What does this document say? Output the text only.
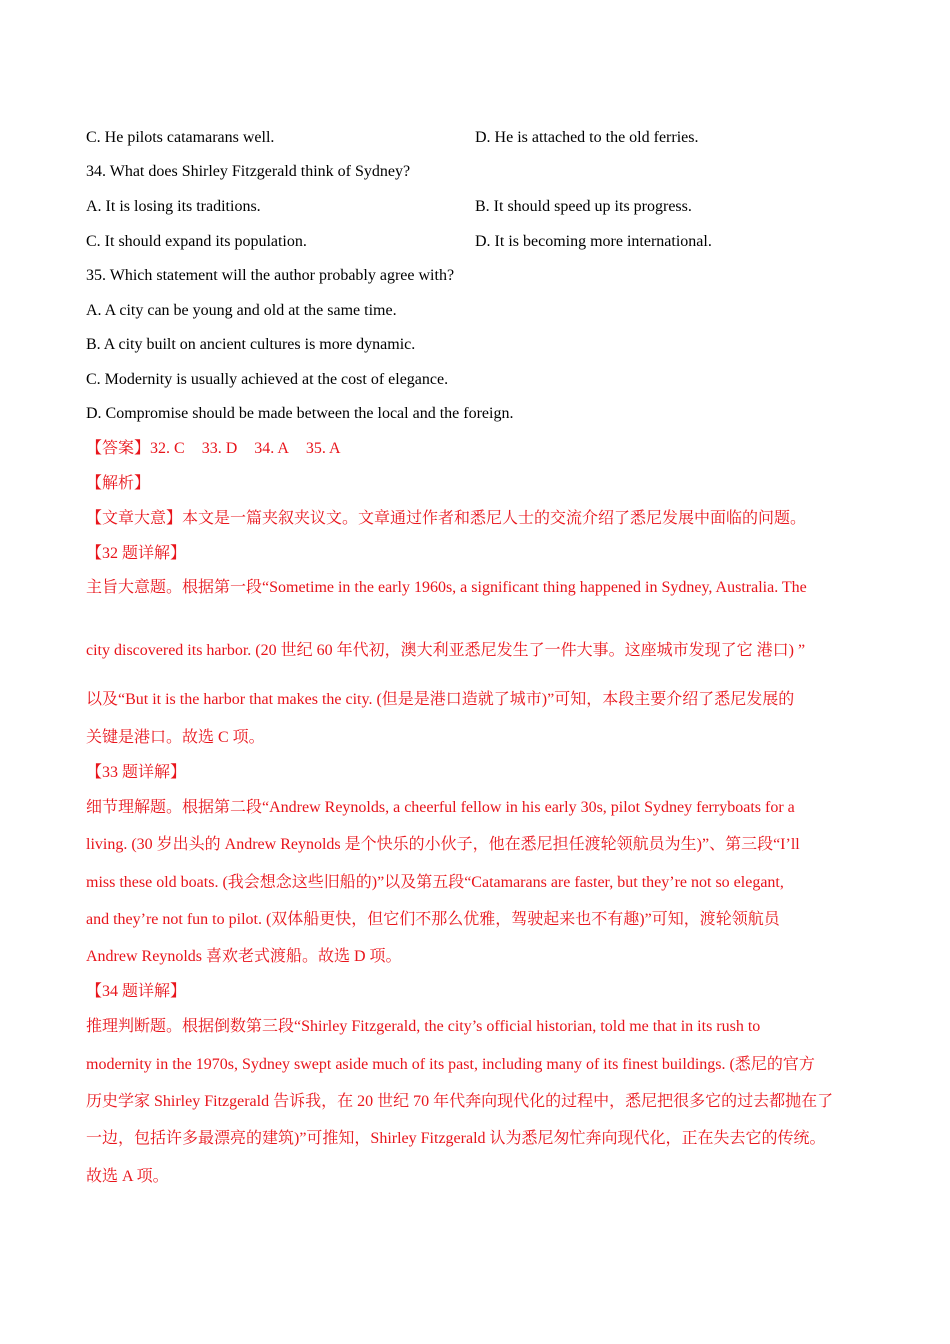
C. He pilots catamarans well.	D. He is attached to the old ferries.
34. What does Shirley Fitzgerald think of Sydney?
A. It is losing its traditions.	B. It should speed up its progress.
C. It should expand its population.	D. It is becoming more international.
35. Which statement will the author probably agree with?
A. A city can be young and old at the same time.
B. A city built on ancient cultures is more dynamic.
C. Modernity is usually achieved at the cost of elegance.
D. Compromise should be made between the local and the foreign.
【答案】32. C 33. D 34. A 35. A
【解析】
【文章大意】本文是一篇夹叙夹议文。文章通过作者和悉尼人士的交流介绍了悉尼发展中面临的问题。
【32 题详解】
主旨大意题。根据第一段“Sometime in the early 1960s, a significant thing happened in Sydney, Australia. The
city discovered its harbor. (20 世纪 60 年代初，澳大利亚悉尼发生了一件大事。这座城市发现了它 港口) ”
以及“But it is the harbor that makes the city. (但是是港口造就了城市)”可知，本段主要介绍了悉尼发展的
关键是港口。故选 C 项。
【33 题详解】
细节理解题。根据第二段“Andrew Reynolds, a cheerful fellow in his early 30s, pilot Sydney ferryboats for a
living. (30 岁出头的 Andrew Reynolds 是个快乐的小伙子，他在悉尼担任渡轮领航员为生)”、第三段“I’ll
miss these old boats. (我会想念这些旧船的)”以及第五段“Catamarans are faster, but they’re not so elegant,
and they’re not fun to pilot. (双体船更快，但它们不那么优雅，驾驶起来也不有趣)”可知，渡轮领航员
Andrew Reynolds 喜欢老式渡船。故选 D 项。
【34 题详解】
推理判断题。根据倒数第三段“Shirley Fitzgerald, the city’s official historian, told me that in its rush to
modernity in the 1970s, Sydney swept aside much of its past, including many of its finest buildings. (悉尼的官方
历史学家 Shirley Fitzgerald 告诉我，在 20 世纪 70 年代奔向现代化的过程中，悉尼把很多它的过去都抛在了
一边，包括许多最漂亮的建筑)”可推知，Shirley Fitzgerald 认为悉尼匆忙奔向现代化，正在失去它的传统。
故选 A 项。
